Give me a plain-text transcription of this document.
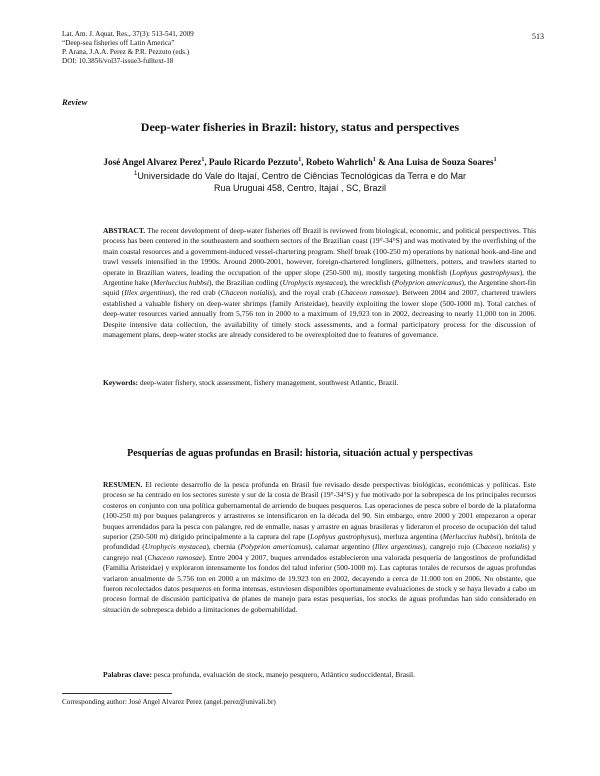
Lat. Am. J. Aquat. Res., 37(3): 513-541, 2009
“Deep-sea fisheries off Latin America”
P. Arana, J.A.A. Perez & P.R. Pezzuto (eds.)
DOI: 10.3856/vol37-issue3-fulltext-18
513
Review
Deep-water fisheries in Brazil: history, status and perspectives
José Angel Alvarez Perez$^1$, Paulo Ricardo Pezzuto$^1$, Robeto Wahrlich$^1$ & Ana Luisa de Souza Soares$^1$
$^1$Universidade do Vale do Itajaí, Centro de Ciências Tecnológicas da Terra e do Mar
Rua Uruguai 458, Centro, Itajaí , SC, Brazil
ABSTRACT. The recent development of deep-water fisheries off Brazil is reviewed from biological, economic, and political perspectives. This process has been centered in the southeastern and southern sectors of the Brazilian coast (19°-34°S) and was motivated by the overfishing of the main coastal resources and a government-induced vessel-chartering program. Shelf break (100-250 m) operations by national hook-and-line and trawl vessels intensified in the 1990s. Around 2000-2001, however, foreign-chartered longliners, gillnetters, potters, and trawlers started to operate in Brazilian waters, leading the occupation of the upper slope (250-500 m), mostly targeting monkfish (Lophyus gastrophysus), the Argentine hake (Merluccius hubbsi), the Brazilian codling (Urophycis mystacea), the wreckfish (Polyprion americanus), the Argentine short-fin squid (Illex argentinus), the red crab (Chaceon notialis), and the royal crab (Chaceon ramosae). Between 2004 and 2007, chartered trawlers established a valuable fishery on deep-water shrimps (family Aristeidae), heavily exploiting the lower slope (500-1000 m). Total catches of deep-water resources varied annually from 5,756 ton in 2000 to a maximum of 19,923 ton in 2002, decreasing to nearly 11,000 ton in 2006. Despite intensive data collection, the availability of timely stock assessments, and a formal participatory process for the discussion of management plans, deep-water stocks are already considered to be overexploited due to features of governance.
Keywords: deep-water fishery, stock assessment, fishery management, southwest Atlantic, Brazil.
Pesquerías de aguas profundas en Brasil: historia, situación actual y perspectivas
RESUMEN. El reciente desarrollo de la pesca profunda en Brasil fue revisado desde perspectivas biológicas, económicas y políticas. Este proceso se ha centrado en los sectores sureste y sur de la costa de Brasil (19°-34°S) y fue motivado por la sobrepesca de los principales recursos costeros en conjunto con una política gubernamental de arriendo de buques pesqueros. Las operaciones de pesca sobre el borde de la plataforma (100-250 m) por buques palangreros y arrastreros se intensificaron en la década del 90. Sin embargo, entre 2000 y 2001 empezaron a operar buques arrendados para la pesca con palangre, red de enmalle, nasas y arrastre en aguas brasileras y lideraron el proceso de ocupación del talud superior (250-500 m) dirigido principalmente a la captura del rape (Lophyus gastrophysus), merluza argentina (Merluccius hubbsi), brótola de profundidad (Urophycis mystacea), chernia (Polyprion americanus), calamar argentino (Illex argentinus), cangrejo rojo (Chaceon notialis) y cangrejo real (Chaceon ramosae). Entre 2004 y 2007, buques arrendados establecieron una valorada pesquería de langostinos de profundidad (Familia Aristeidae) y exploraron intensamente los fondos del talud inferior (500-1000 m). Las capturas totales de recursos de aguas profundas variaron anualmente de 5.756 ton en 2000 a un máximo de 19.923 ton en 2002, decayendo a cerca de 11.000 ton en 2006. No obstante, que fueron recolectados datos pesqueros en forma intensas, estuviesen disponibles oportunamente evaluaciones de stock y se haya llevado a cabo un proceso formal de discusión participativa de planes de manejo para estas pesquerías, los stocks de aguas profundas han sido considerado en situación de sobrepesca debido a limitaciones de gobernabilidad.
Palabras clave: pesca profunda, evaluación de stock, manejo pesquero, Atlántico sudoccidental, Brasil.
Corresponding author: José Angel Alvarez Perez (angel.perez@univali.br)
